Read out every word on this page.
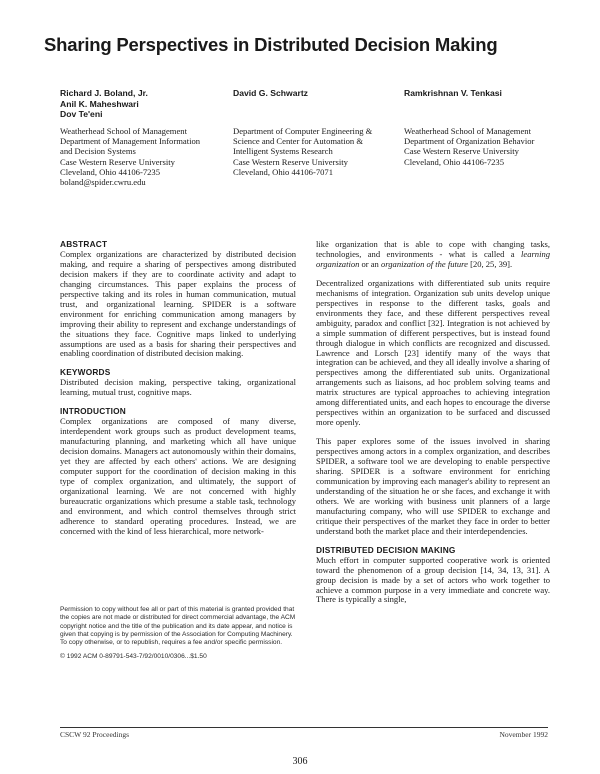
Sharing Perspectives in Distributed Decision Making
Richard J. Boland, Jr.
Anil K. Maheshwari
Dov Te'eni
David G. Schwartz	Ramkrishnan V. Tenkasi
Weatherhead School of Management
Department of Management Information
and Decision Systems
Case Western Reserve University
Cleveland, Ohio 44106-7235
boland@spider.cwru.edu
Department of Computer Engineering &
Science and Center for Automation &
Intelligent Systems Research
Case Western Reserve University
Cleveland, Ohio 44106-7071
Weatherhead School of Management
Department of Organization Behavior
Case Western Reserve University
Cleveland, Ohio 44106-7235
ABSTRACT

Complex organizations are characterized by distributed decision making, and require a sharing of perspectives among distributed decision makers if they are to coordinate activity and adapt to changing circumstances. This paper explains the process of perspective taking and its roles in human communication, mutual trust, and organizational learning. SPIDER is a software environment for enriching communication among managers by improving their ability to represent and exchange understandings of the situations they face. Cognitive maps linked to underlying assumptions are used as a basis for sharing their perspectives and enabling coordination of distributed decision making.

KEYWORDS

Distributed decision making, perspective taking, organizational learning, mutual trust, cognitive maps.

INTRODUCTION

Complex organizations are composed of many diverse, interdependent work groups such as product development teams, manufacturing planning, and marketing which all have unique decision domains. Managers act autonomously within their domains, yet they are affected by each others' actions. We are designing computer support for the coordination of decision making in this type of complex organization, and ultimately, the support of organizational learning. We are not concerned with highly bureaucratic organizations which presume a stable task, technology and environment, and which control themselves through strict adherence to standard operating procedures. Instead, we are concerned with the kind of less hierarchical, more network-

Permission to copy without fee all or part of this material is granted provided that the copies are not made or distributed for direct commercial advantage, the ACM copyright notice and the title of the publication and its date appear, and notice is given that copying is by permission of the Association for Computing Machinery. To copy otherwise, or to republish, requires a fee and/or specific permission.

© 1992 ACM 0-89791-543-7/92/0010/0306...$1.50

like organization that is able to cope with changing tasks, technologies, and environments - what is called a learning organization or an organization of the future [20, 25, 39].

Decentralized organizations with differentiated sub units require mechanisms of integration. Organization sub units develop unique perspectives in response to the different tasks, goals and environments they face, and these different perspectives reveal ambiguity, paradox and conflict [32]. Integration is not achieved by a simple summation of different perspectives, but is instead found through dialogue in which conflicts are recognized and discussed. Lawrence and Lorsch [23] identify many of the ways that integration can be achieved, and they all ideally involve a sharing of perspectives among the differentiated sub units. Organizational arrangements such as liaisons, ad hoc problem solving teams and matrix structures are typical approaches to achieving integration among differentiated units, and each hopes to encourage the diverse perspectives within an organization to be surfaced and discussed more openly.

This paper explores some of the issues involved in sharing perspectives among actors in a complex organization, and describes SPIDER, a software tool we are developing to enable perspective sharing. SPIDER is a software environment for enriching communication by improving each manager's ability to represent an understanding of the situation he or she faces, and exchange it with others. We are working with business unit planners of a large manufacturing company, who will use SPIDER to exchange and critique their perspectives of the market they face in order to better understand both the market place and their interdependencies.

DISTRIBUTED DECISION MAKING

Much effort in computer supported cooperative work is oriented toward the phenomenon of a group decision [14, 34, 13, 31]. A group decision is made by a set of actors who work together to achieve a common purpose in a very immediate and concrete way. There is typically a single,

CSCW 92 Proceedings	November 1992
306
